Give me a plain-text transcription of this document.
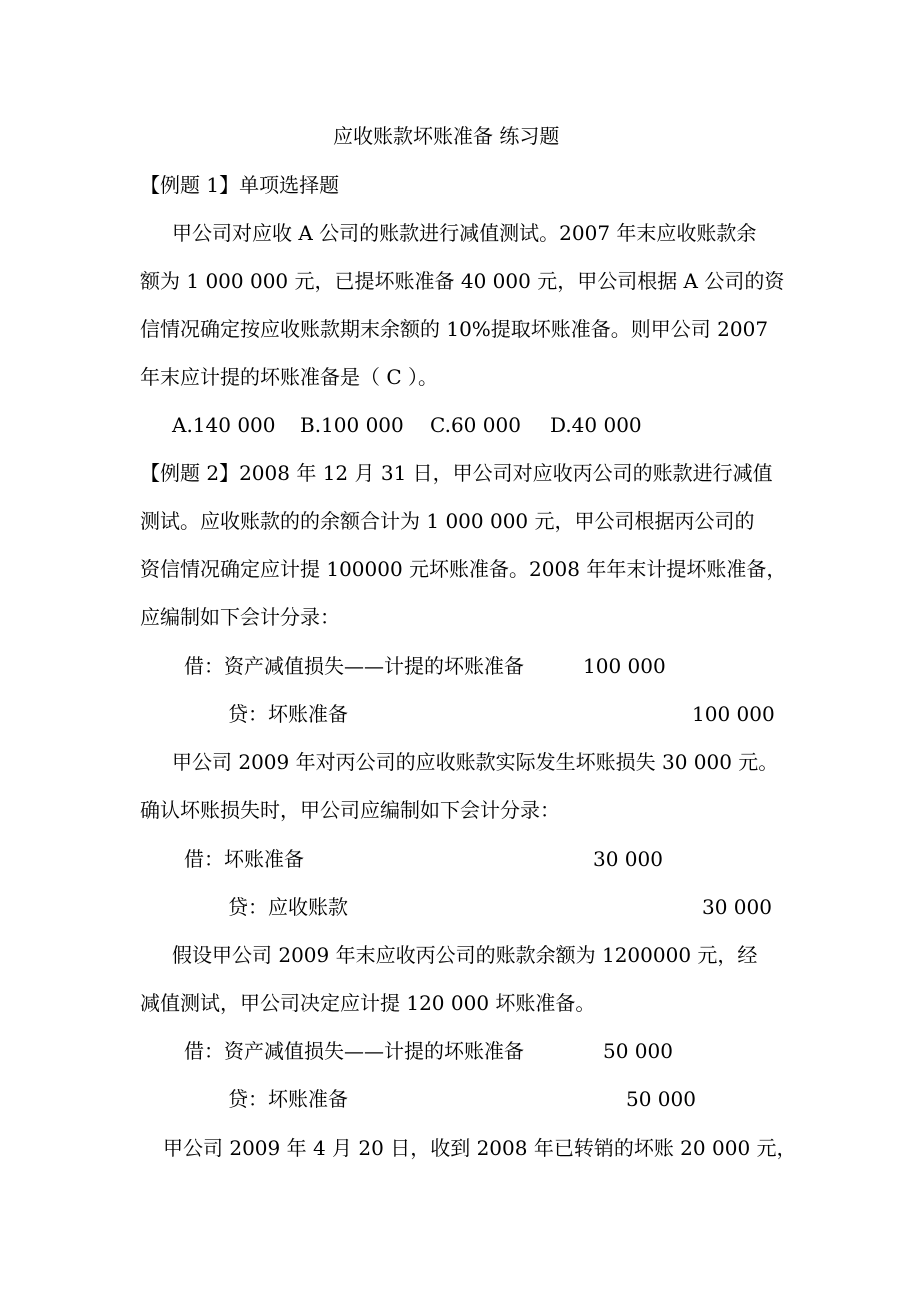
应收账款坏账准备 练习题
【例题 1】单项选择题
甲公司对应收 A 公司的账款进行减值测试。2007 年末应收账款余
额为 1 000 000 元，已提坏账准备 40 000 元，甲公司根据 A 公司的资
信情况确定按应收账款期末余额的 10%提取坏账准备。则甲公司 2007
年末应计提的坏账准备是（ C ）。
A.140 000 B.100 000 C.60 000 D.40 000
【例题 2】2008 年 12 月 31 日，甲公司对应收丙公司的账款进行减值
测试。应收账款的的余额合计为 1 000 000 元，甲公司根据丙公司的
资信情况确定应计提 100000 元坏账准备。2008 年年末计提坏账准备，
应编制如下会计分录：
借：资产减值损失——计提的坏账准备	100 000
贷：坏账准备	100 000
甲公司 2009 年对丙公司的应收账款实际发生坏账损失 30 000 元。
确认坏账损失时，甲公司应编制如下会计分录：
借：坏账准备	30 000
贷：应收账款	30 000
假设甲公司 2009 年末应收丙公司的账款余额为 1200000 元，经
减值测试，甲公司决定应计提 120 000 坏账准备。
借：资产减值损失——计提的坏账准备	50 000
贷：坏账准备	50 000
甲公司 2009 年 4 月 20 日，收到 2008 年已转销的坏账 20 000 元，
